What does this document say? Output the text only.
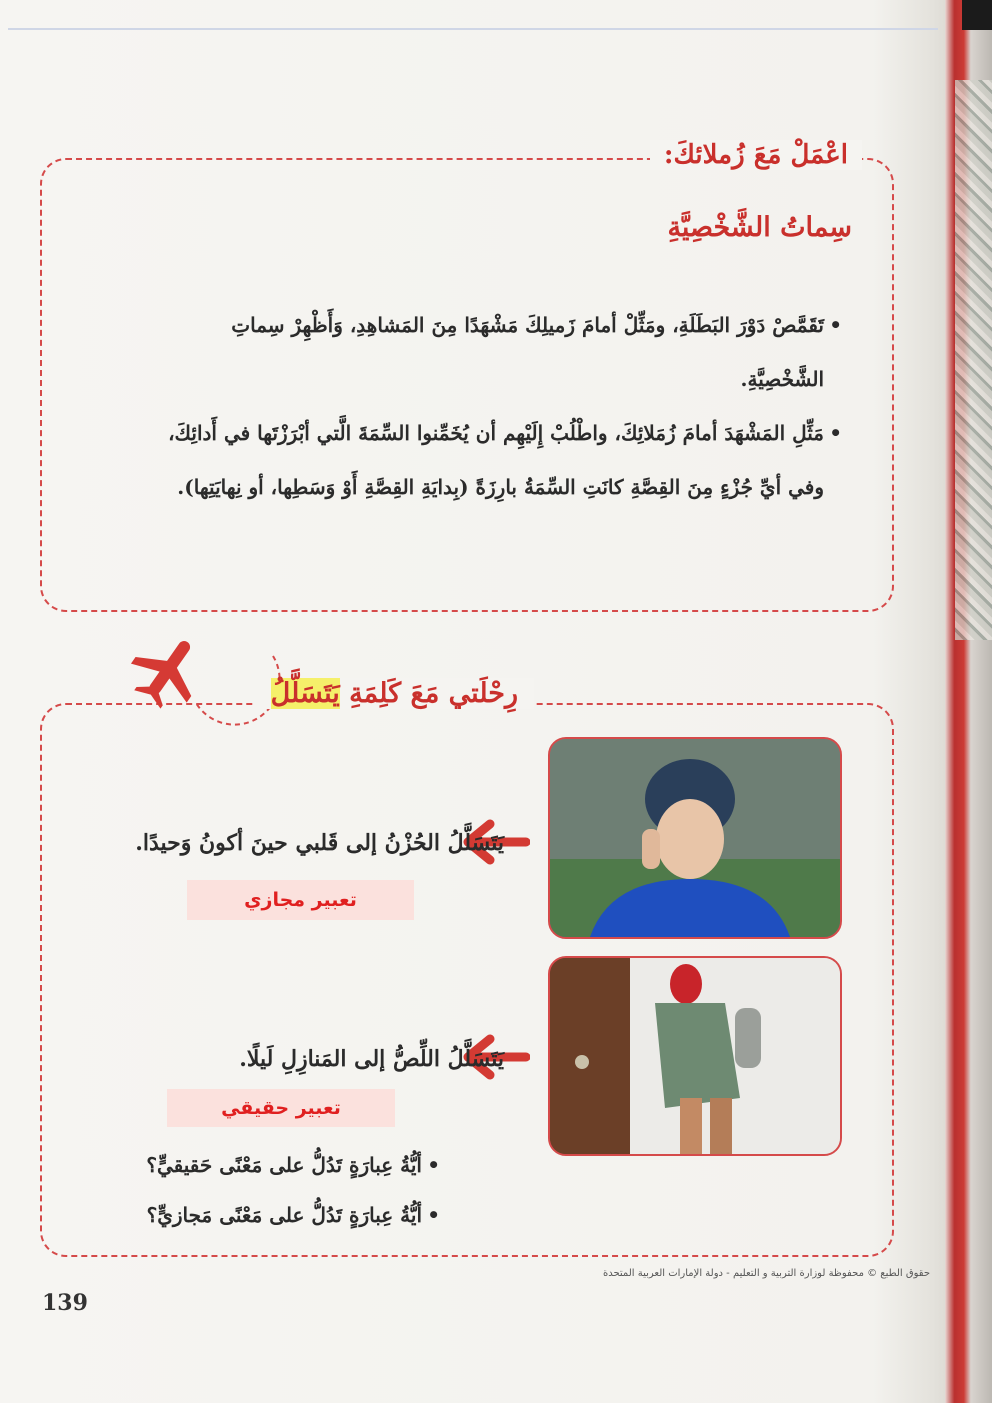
اعْمَلْ مَعَ زُملائكَ:
سِماتُ الشَّخْصِيَّةِ
• تَقَمَّصْ دَوْرَ البَطَلَةِ، ومَثِّلْ أمامَ زَميلِكَ مَشْهَدًا مِنَ المَشاهِدِ، وَأَظْهِرْ سِماتِ الشَّخْصِيَّةِ.
• مَثِّلِ المَشْهَدَ أمامَ زُمَلائِكَ، واطْلُبْ إِلَيْهِم أن يُخَمِّنوا السِّمَةَ الَّتي أبْرَزْتَها في أَدائِكَ، وفي أيِّ جُزْءٍ مِنَ القِصَّةِ كانَتِ السِّمَةُ بارِزَةً (بِدايَةِ القِصَّةِ أَوْ وَسَطِها، أو نِهايَتِها).
رِحْلَتي مَعَ كَلِمَةِ يَتَسَلَّلُ
يَتَسَلَّلُ الحُزْنُ إلى قَلبي حينَ أكونُ وَحيدًا.
تعبير مجازي
يَتَسَلَّلُ اللِّصُّ إلى المَنازِلِ لَيلًا.
تعبير حقيقي
• أيُّةُ عِبارَةٍ تَدُلُّ على مَعْنًى حَقيقيٍّ؟
• أيُّةُ عِبارَةٍ تَدُلُّ على مَعْنًى مَجازيٍّ؟
حقوق الطبع © محفوظة لوزارة التربية و التعليم - دولة الإمارات العربية المتحدة
139
